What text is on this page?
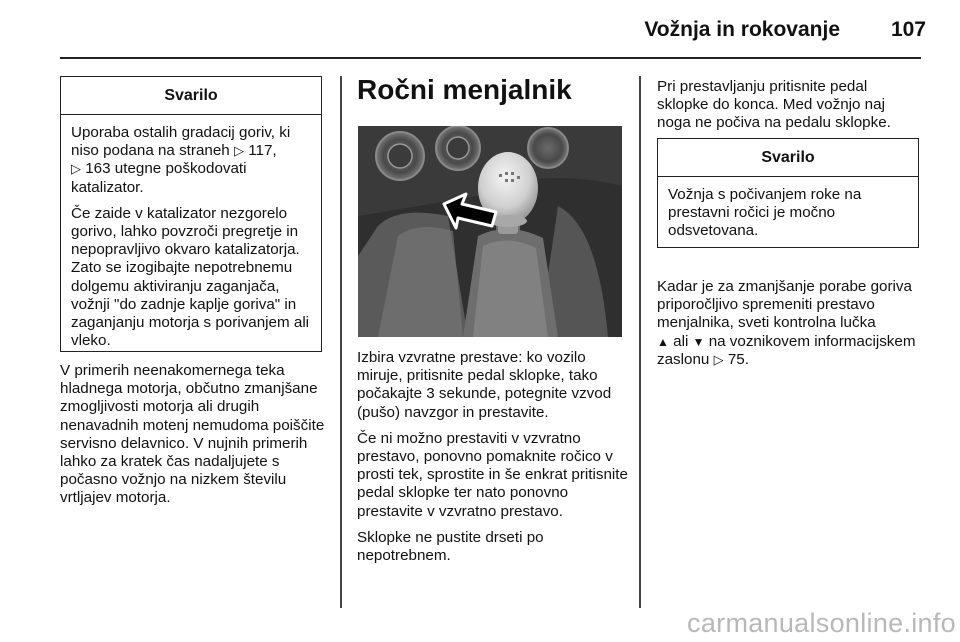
Vožnja in rokovanje	107
Svarilo

Uporaba ostalih gradacij goriv, ki niso podana na straneh ▷ 117,
▷ 163 utegne poškodovati katalizator.

Če zaide v katalizator nezgorelo gorivo, lahko povzroči pregretje in nepopravljivo okvaro katalizatorja. Zato se izogibajte nepotrebnemu dolgemu aktiviranju zaganjača, vožnji "do zadnje kaplje goriva" in zaganjanju motorja s porivanjem ali vleko.

V primerih neenakomernega teka hladnega motorja, občutno zmanjšane zmogljivosti motorja ali drugih nenavadnih motenj nemudoma poiščite servisno delavnico. V nujnih primerih lahko za kratek čas nadaljujete s počasno vožnjo na nizkem številu vrtljajev motorja.

Ročni menjalnik

Izbira vzvratne prestave: ko vozilo miruje, pritisnite pedal sklopke, tako počakajte 3 sekunde, potegnite vzvod (pušo) navzgor in prestavite.

Če ni možno prestaviti v vzvratno prestavo, ponovno pomaknite ročico v prosti tek, sprostite in še enkrat pritisnite pedal sklopke ter nato ponovno prestavite v vzvratno prestavo.

Sklopke ne pustite drseti po nepotrebnem.

Pri prestavljanju pritisnite pedal sklopke do konca. Med vožnjo naj noga ne počiva na pedalu sklopke.

Svarilo

Vožnja s počivanjem roke na prestavni ročici je močno odsvetovana.

Kadar je za zmanjšanje porabe goriva priporočljivo spremeniti prestavo menjalnika, sveti kontrolna lučka
▲ ali ▼ na voznikovem informacijskem zaslonu ▷ 75.

carmanualsonline.info
